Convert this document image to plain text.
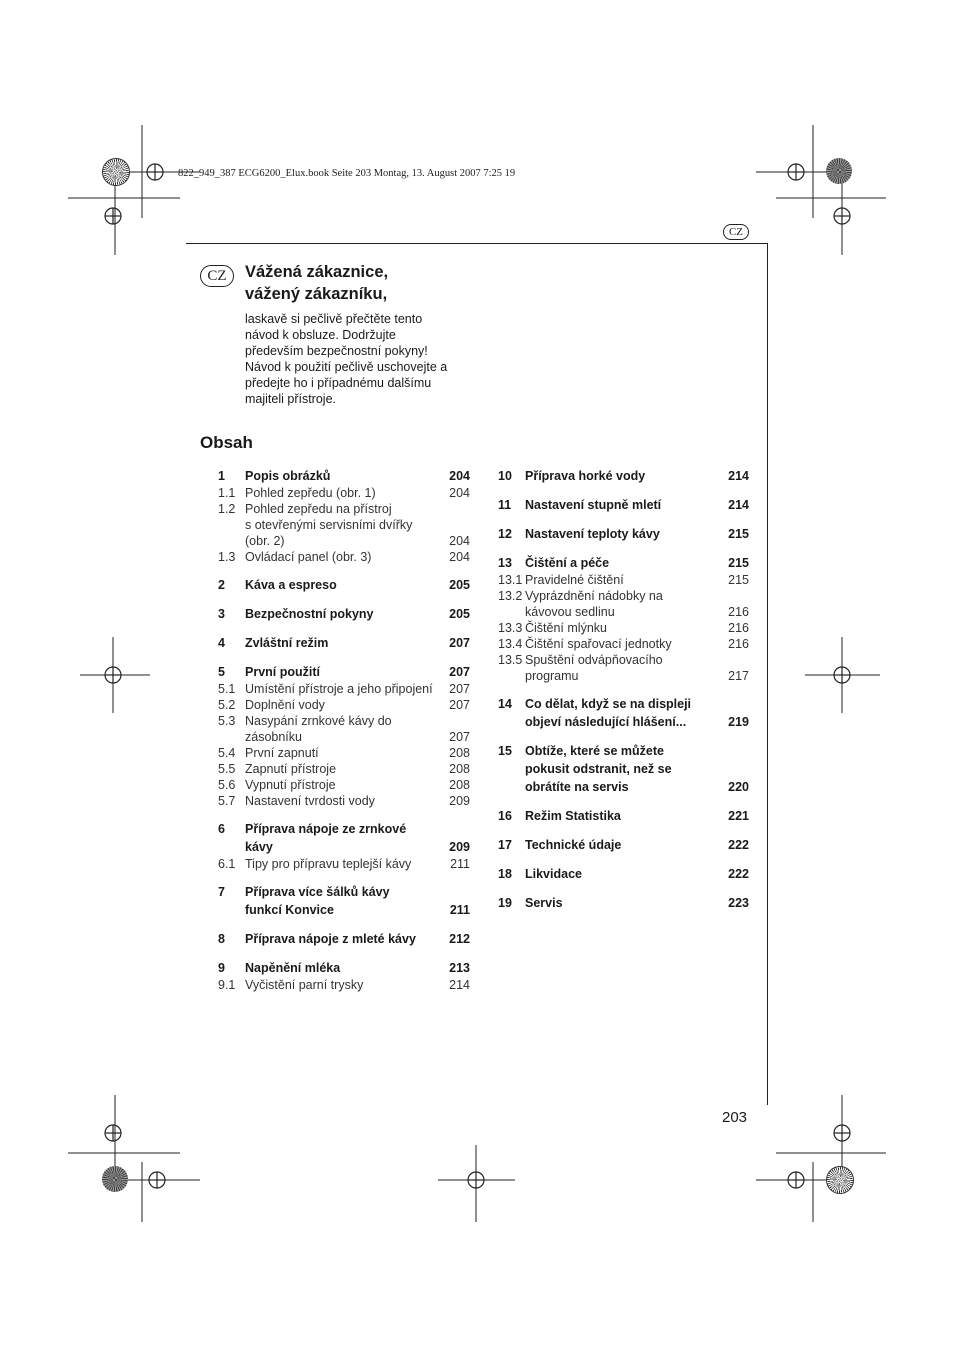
822_949_387 ECG6200_Elux.book Seite 203 Montag, 13. August 2007 7:25 19
CZ
CZ	Vážená zákaznice,
vážený zákazníku,
laskavě si pečlivě přečtěte tento
návod k obsluze. Dodržujte
především bezpečnostní pokyny!
Návod k použití pečlivě uschovejte a
předejte ho i případnému dalšímu
majiteli přístroje.
Obsah
1 Popis obrázků	204
1.1 Pohled zepředu (obr. 1)	204
1.2 Pohled zepředu na přístroj
s otevřenými servisními dvířky
(obr. 2)	204
1.3 Ovládací panel (obr. 3)	204
2 Káva a espreso	205
3 Bezpečnostní pokyny	205
4 Zvláštní režim	207
5 První použití	207
5.1 Umístění přístroje a jeho připojení	207
5.2 Doplnění vody	207
5.3 Nasypání zrnkové kávy do
zásobníku	207
5.4 První zapnutí	208
5.5 Zapnutí přístroje	208
5.6 Vypnutí přístroje	208
5.7 Nastavení tvrdosti vody	209
6 Příprava nápoje ze zrnkové
kávy	209
6.1 Tipy pro přípravu teplejší kávy	211
7 Příprava více šálků kávy
funkcí Konvice	211
8 Příprava nápoje z mleté kávy	212
9 Napěnění mléka	213
9.1 Vyčistění parní trysky	214
10 Příprava horké vody	214
11 Nastavení stupně mletí	214
12 Nastavení teploty kávy	215
13 Čištění a péče	215
13.1 Pravidelné čištění	215
13.2 Vyprázdnění nádobky na
kávovou sedlinu	216
13.3 Čištění mlýnku	216
13.4 Čištění spařovací jednotky	216
13.5 Spuštění odvápňovacího
programu	217
14 Co dělat, když se na displeji
objeví následující hlášení...	219
15 Obtíže, které se můžete
pokusit odstranit, než se
obrátíte na servis	220
16 Režim Statistika	221
17 Technické údaje	222
18 Likvidace	222
19 Servis	223
203
